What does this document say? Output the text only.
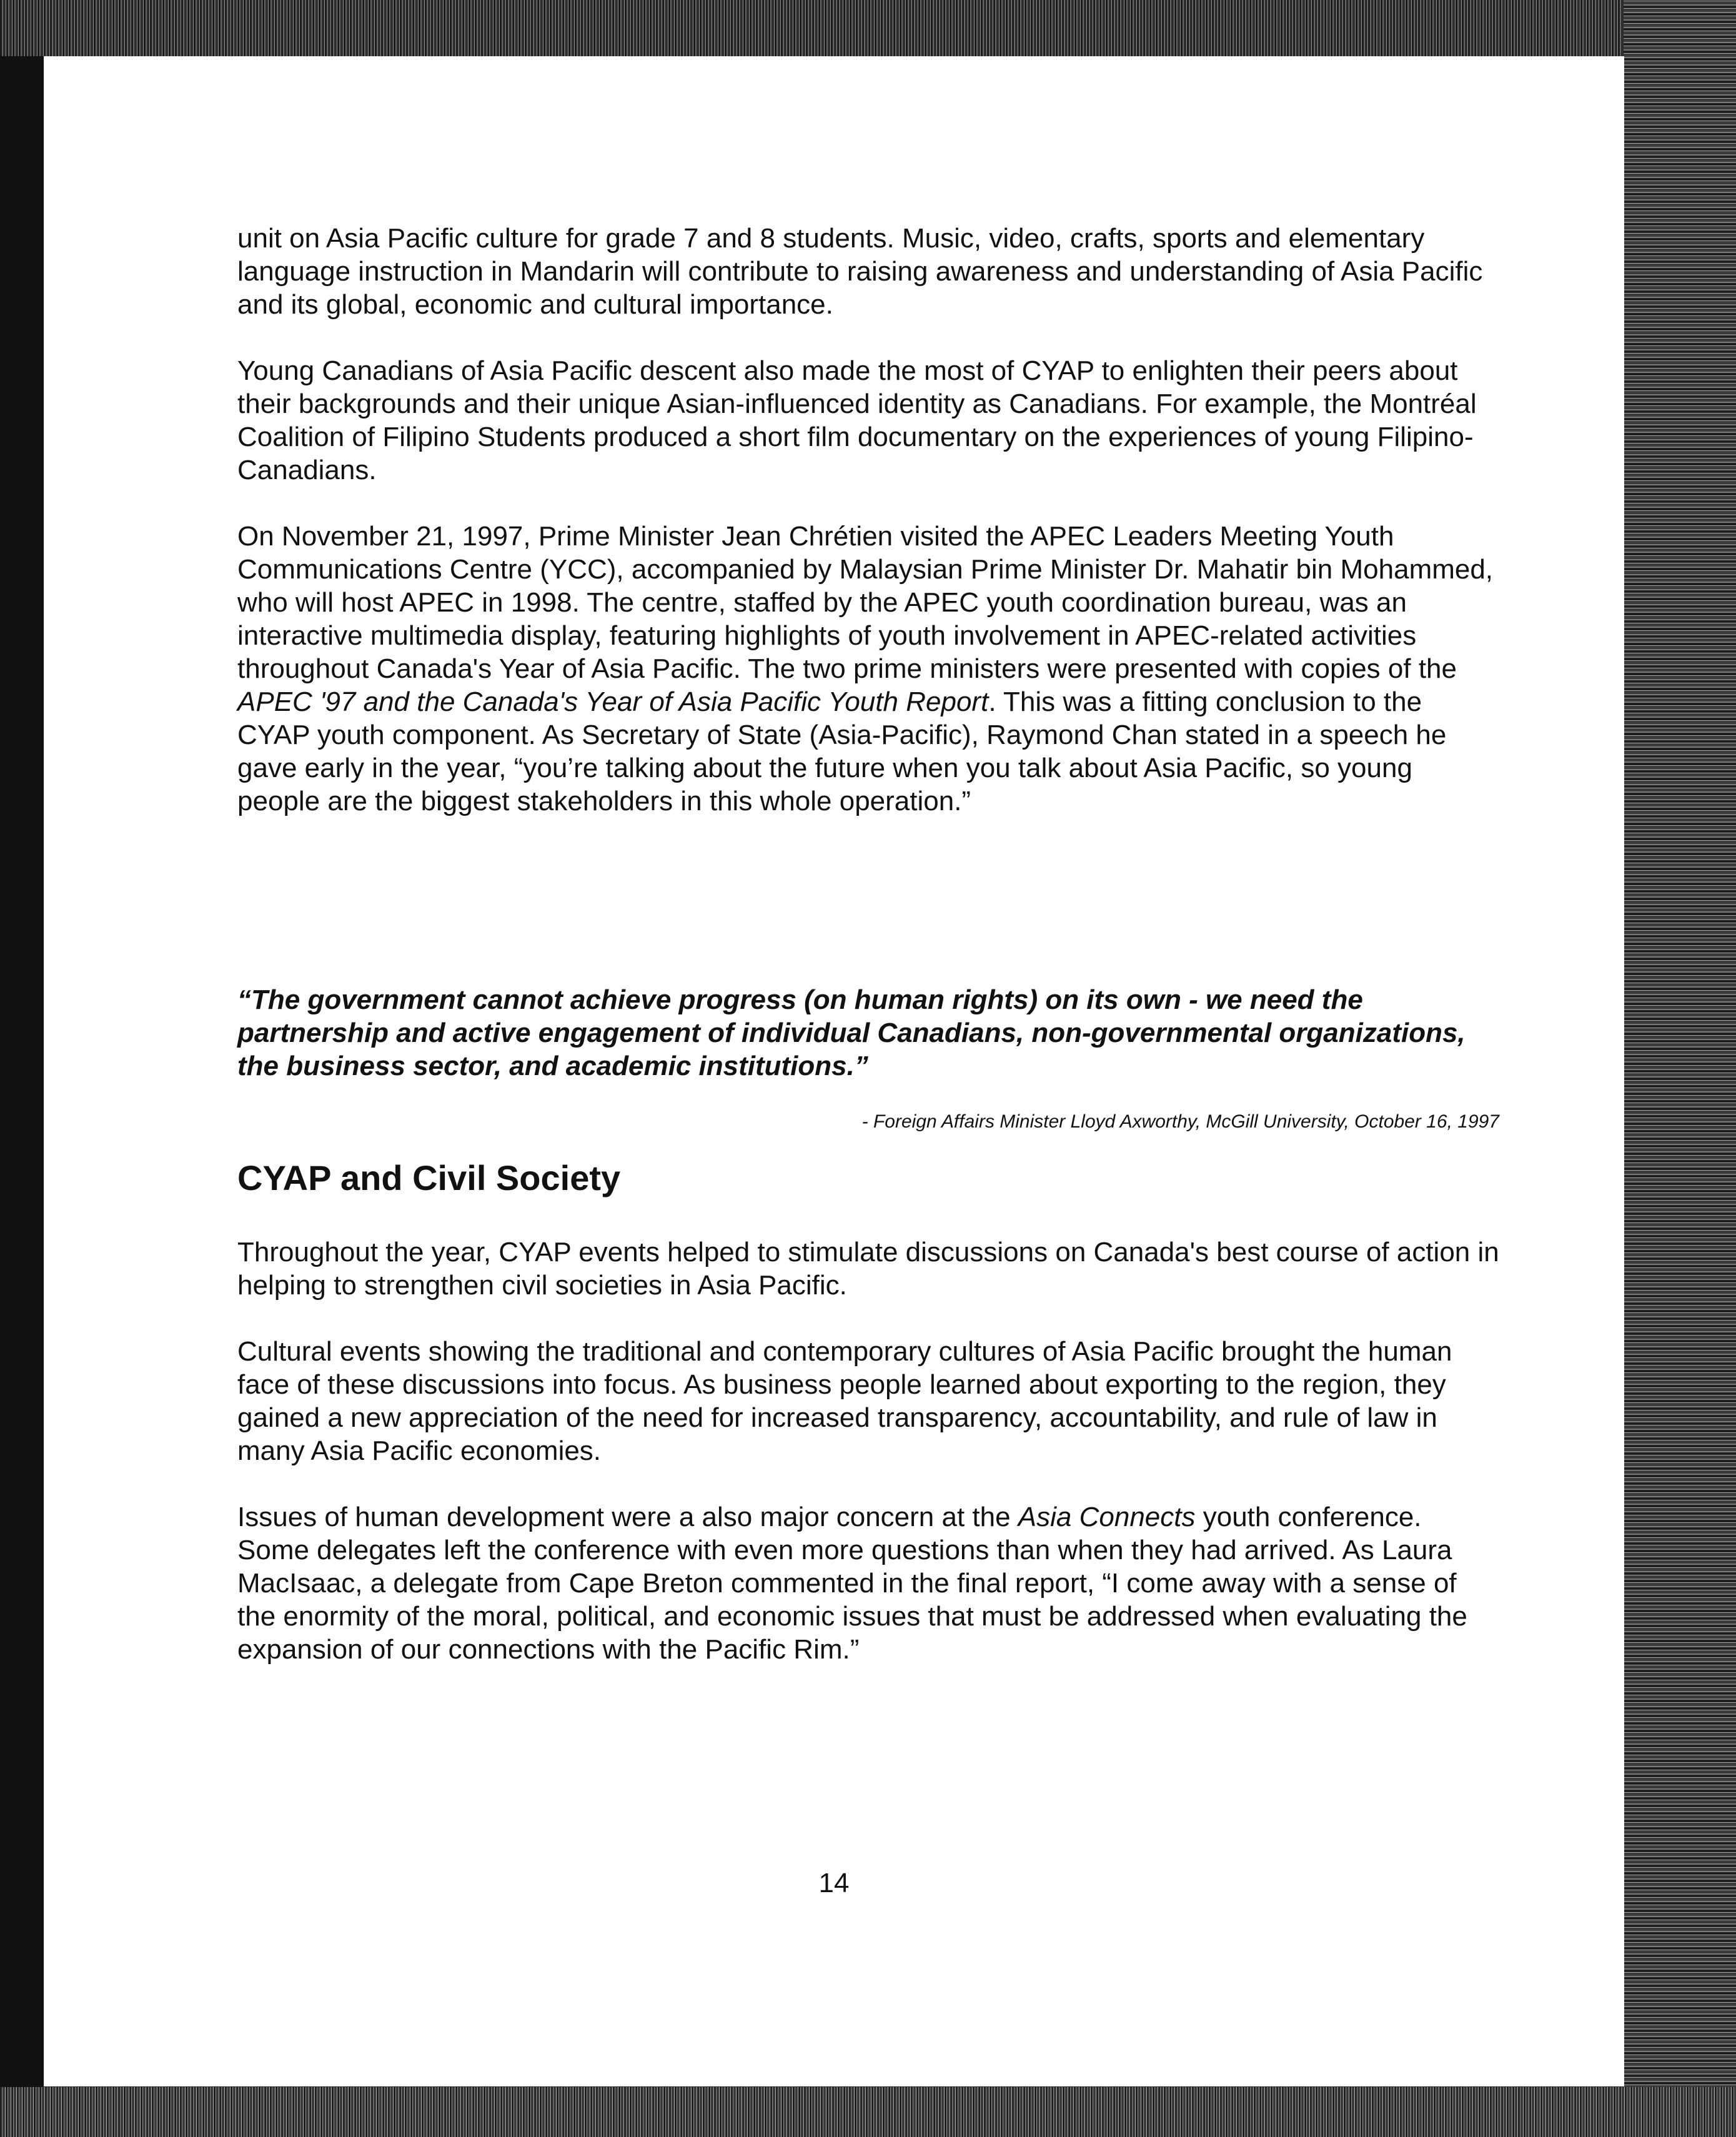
unit on Asia Pacific culture for grade 7 and 8 students. Music, video, crafts, sports and elementary language instruction in Mandarin will contribute to raising awareness and understanding of Asia Pacific and its global, economic and cultural importance.

Young Canadians of Asia Pacific descent also made the most of CYAP to enlighten their peers about their backgrounds and their unique Asian-influenced identity as Canadians. For example, the Montréal Coalition of Filipino Students produced a short film documentary on the experiences of young Filipino-Canadians.

On November 21, 1997, Prime Minister Jean Chrétien visited the APEC Leaders Meeting Youth Communications Centre (YCC), accompanied by Malaysian Prime Minister Dr. Mahatir bin Mohammed, who will host APEC in 1998. The centre, staffed by the APEC youth coordination bureau, was an interactive multimedia display, featuring highlights of youth involvement in APEC-related activities throughout Canada's Year of Asia Pacific. The two prime ministers were presented with copies of the APEC '97 and the Canada's Year of Asia Pacific Youth Report. This was a fitting conclusion to the CYAP youth component. As Secretary of State (Asia-Pacific), Raymond Chan stated in a speech he gave early in the year, “you’re talking about the future when you talk about Asia Pacific, so young people are the biggest stakeholders in this whole operation.”

“The government cannot achieve progress (on human rights) on its own - we need the partnership and active engagement of individual Canadians, non-governmental organizations, the business sector, and academic institutions.”

- Foreign Affairs Minister Lloyd Axworthy, McGill University, October 16, 1997

CYAP and Civil Society

Throughout the year, CYAP events helped to stimulate discussions on Canada's best course of action in helping to strengthen civil societies in Asia Pacific.

Cultural events showing the traditional and contemporary cultures of Asia Pacific brought the human face of these discussions into focus. As business people learned about exporting to the region, they gained a new appreciation of the need for increased transparency, accountability, and rule of law in many Asia Pacific economies.

Issues of human development were a also major concern at the Asia Connects youth conference. Some delegates left the conference with even more questions than when they had arrived. As Laura MacIsaac, a delegate from Cape Breton commented in the final report, “I come away with a sense of the enormity of the moral, political, and economic issues that must be addressed when evaluating the expansion of our connections with the Pacific Rim.”

14
